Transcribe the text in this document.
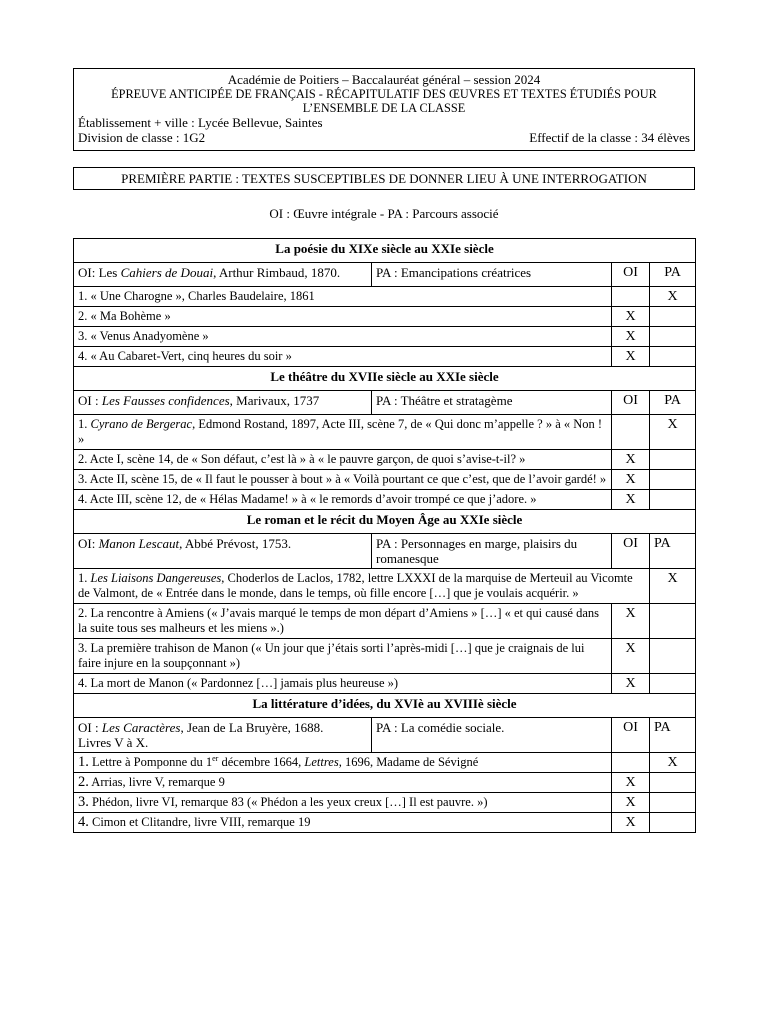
Académie de Poitiers – Baccalauréat général – session 2024
ÉPREUVE ANTICIPÉE DE FRANÇAIS - RÉCAPITULATIF DES ŒUVRES ET TEXTES ÉTUDIÉS POUR
L’ENSEMBLE DE LA CLASSE
Établissement + ville : Lycée Bellevue, Saintes
Division de classe : 1G2	Effectif de la classe : 34 élèves
PREMIÈRE PARTIE : TEXTES SUSCEPTIBLES DE DONNER LIEU À UNE INTERROGATION
OI : Œuvre intégrale - PA : Parcours associé
La poésie du XIXe siècle au XXIe siècle			
OI: Les Cahiers de Douai, Arthur Rimbaud, 1870.	PA : Emancipations créatrices	OI	PA
1. « Une Charogne », Charles Baudelaire, 1861			X
2. « Ma Bohème »		X	
3. « Venus Anadyomène »		X	
4. « Au Cabaret-Vert, cinq heures du soir »		X	
Le théâtre du XVIIe siècle au XXIe siècle			
OI : Les Fausses confidences, Marivaux, 1737	PA : Théâtre et stratagème	OI	PA
1. Cyrano de Bergerac, Edmond Rostand, 1897, Acte III, scène 7, de « Qui donc m’appelle ? » à « Non ! »			X
2. Acte I, scène 14, de « Son défaut, c’est là » à « le pauvre garçon, de quoi s’avise-t-il? »		X	
3. Acte II, scène 15, de « Il faut le pousser à bout » à « Voilà pourtant ce que c’est, que de l’avoir gardé! »		X	
4. Acte III, scène 12, de « Hélas Madame! » à « le remords d’avoir trompé ce que j’adore. »		X	
Le roman et le récit du Moyen Âge au XXIe siècle			
OI: Manon Lescaut, Abbé Prévost, 1753.	PA : Personnages en marge, plaisirs du romanesque	OI	PA
1. Les Liaisons Dangereuses, Choderlos de Laclos, 1782, lettre LXXXI de la marquise de Merteuil au Vicomte de Valmont, de « Entrée dans le monde, dans le temps, où fille encore […] que je voulais acquérir. »			X
2. La rencontre à Amiens (« J’avais marqué le temps de mon départ d’Amiens » […] « et qui causé dans la suite tous ses malheurs et les miens ».)		X	
3. La première trahison de Manon (« Un jour que j’étais sorti l’après-midi […] que je craignais de lui faire injure en la soupçonnant »)		X	
4. La mort de Manon (« Pardonnez […] jamais plus heureuse »)		X	
La littérature d’idées, du XVIè au XVIIIè siècle			
OI : Les Caractères, Jean de La Bruyère, 1688.
Livres V à X.	PA : La comédie sociale.	OI	PA
1. Lettre à Pomponne du 1er décembre 1664, Lettres, 1696, Madame de Sévigné			X
2. Arrias, livre V, remarque 9		X	
3. Phédon, livre VI, remarque 83 (« Phédon a les yeux creux […] Il est pauvre. »)		X	
4. Cimon et Clitandre, livre VIII, remarque 19		X	
